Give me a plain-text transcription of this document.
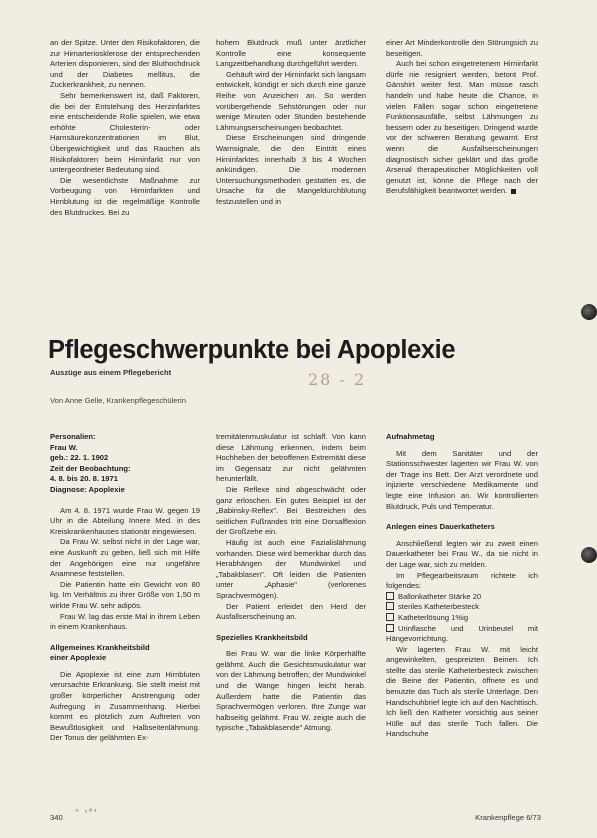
an der Spitze. Unter den Risikofaktoren, die zur Hirnarteriosklerose der entsprechenden Arterien disponieren, sind der Bluthochdruck und der Diabetes mellitus, die Zuckerkrankheit, zu nennen.

Sehr bemerkenswert ist, daß Faktoren, die bei der Entstehung des Herzinfarktes eine entscheidende Rolle spielen, wie etwa erhöhte Cholesterin- oder Harnsäurekonzentrationen im Blut, Übergewichtigkeit und das Rauchen als Risikofaktoren beim Hirninfarkt nur von untergeordneter Bedeutung sind.

Die wesentlichste Maßnahme zur Vorbeugung von Hirninfarkten und Hirnblutung ist die regelmäßige Kontrolle des Blutdruckes. Bei zu

hohem Blutdruck muß unter ärztlicher Kontrolle eine konsequente Langzeitbehandlung durchgeführt werden.

Gehäuft wird der Hirninfarkt sich langsam entwickelt, kündigt er sich durch eine ganze Reihe von Anzeichen an. So werden vorübergehende Sehstörungen oder nur wenige Minuten oder Stunden bestehende Lähmungserscheinungen beobachtet.

Diese Erscheinungen sind dringende Warnsignale, die den Eintritt eines Hirninfarktes innerhalb 3 bis 4 Wochen ankündigen. Die modernen Untersuchungsmethoden gestatten es, die Ursache für die Mangeldurchblutung festzustellen und in

einer Art Minderkontrolle den Störungsich zu beseitigen.

Auch bei schon eingetretenem Hirninfarkt dürfe nie resigniert werden, betont Prof. Gänshirt weiter fest. Man müsse rasch handeln und habe heute die Chance, in vielen Fällen sogar schon eingetretene Funktionsausfälle, selbst Lähmungen zu bessern oder zu beseitigen. Dringend wurde vor der schweren Beratung gewarnt. Erst wenn die Ausfallserscheinungen diagnostisch sicher geklärt und das große Arsenal therapeutischer Möglichkeiten voll genutzt ist, könne die Pflege nach der Berufsfähigkeit beantwortet werden.

Pflegeschwerpunkte bei Apoplexie
Auszüge aus einem Pflegebericht	28 - 2
Von Anne Gelle, Krankenpflegeschülerin
Personalien:
Frau W.
geb.: 22. 1. 1902
Zeit der Beobachtung:
4. 8. bis 20. 8. 1971
Diagnose: Apoplexie

Am 4. 8. 1971 wurde Frau W. gegen 19 Uhr in die Abteilung Innere Med. in des Kreiskrankenhauses stationär eingewiesen.

Da Frau W. selbst nicht in der Lage war, eine Auskunft zu geben, ließ sich mit Hilfe der Angehörigen eine nur ungefähre Anamnese feststellen.

Die Patientin hatte ein Gewicht von 80 kg. Im Verhältnis zu ihrer Größe von 1,50 m wirkte Frau W. sehr adipös.

Frau W. lag das erste Mal in ihrem Leben in einem Krankenhaus.

Allgemeines Krankheitsbild
einer Apoplexie

Die Apoplexie ist eine zum Hirnbluten verursachte Erkrankung. Sie stellt meist mit großer körperlicher Anstrengung oder Aufregung in Zusammenhang. Hierbei kommt es plötzlich zum Auftreten von Bewußtlosigkeit und Halbseitenlähmung. Der Tonus der gelähmten Ex-

tremitätenmuskulatur ist schlaff. Von kann diese Lähmung erkennen, indem beim Hochheben der betroffenen Extremität diese im Gegensatz zur nicht gelähmten herunterfällt.

Die Reflexe sind abgeschwächt oder ganz erloschen. Ein gutes Beispiel ist der „Babinsky-Reflex". Bei Bestreichen des seitlichen Fußrandes tritt eine Dorsalflexion der Großzehe ein.

Häufig ist auch eine Fazialislähmung vorhanden. Diese wird bemerkbar durch das Herabhängen der Mundwinkel und „Tabakblasen". Oft leiden die Patienten unter „Aphasie" (verlorenes Sprachvermögen).

Der Patient erleidet den Herd der Ausfallserscheinung an.

Spezielles Krankheitsbild

Bei Frau W. war die linke Körperhälfte gelähmt. Auch die Gesichtsmuskulatur war von der Lähmung betroffen; der Mundwinkel und die Wange hingen leicht herab. Außerdem hatte die Patientin das Sprachvermögen verloren. Ihre Zunge war halbseitig gelähmt. Frau W. zeigte auch die typische „Tabakblasende" Atmung.

Aufnahmetag

Mit dem Sanitäter und der Stationsschwester lagerten wir Frau W. von der Trage ins Bett. Der Arzt verordnete und injizierte verschiedene Medikamente und legte eine Infusion an. Wir kontrollierten Blutdruck, Puls und Temperatur.

Anlegen eines Dauerkatheters

Anschließend legten wir zu zweit einen Dauerkatheter bei Frau W., da sie nicht in der Lage war, sich zu melden.

Im Pflegearbeitsraum richtete ich folgendes:

Ballonkatheter Stärke 20
steriles Katheterbesteck
Katheterlösung 1%ig
Urinflasche und Urinbeutel mit Hängevorrichtung.

Wir lagerten Frau W. mit leicht angewinkelten, gespreizten Beinen. Ich stellte das sterile Katheterbesteck zwischen die Beine der Patientin, öffnete es und benutzte das Tuch als sterile Unterlage. Den Handschuhbrief legte ich auf den Nachttisch. Ich ließ den Katheter vorsichtig aus seiner Hülle auf das sterile Tuch fallen. Die Handschuhe

340 ˆ ʽ˚ʹ	Krankenpflege 6/73
